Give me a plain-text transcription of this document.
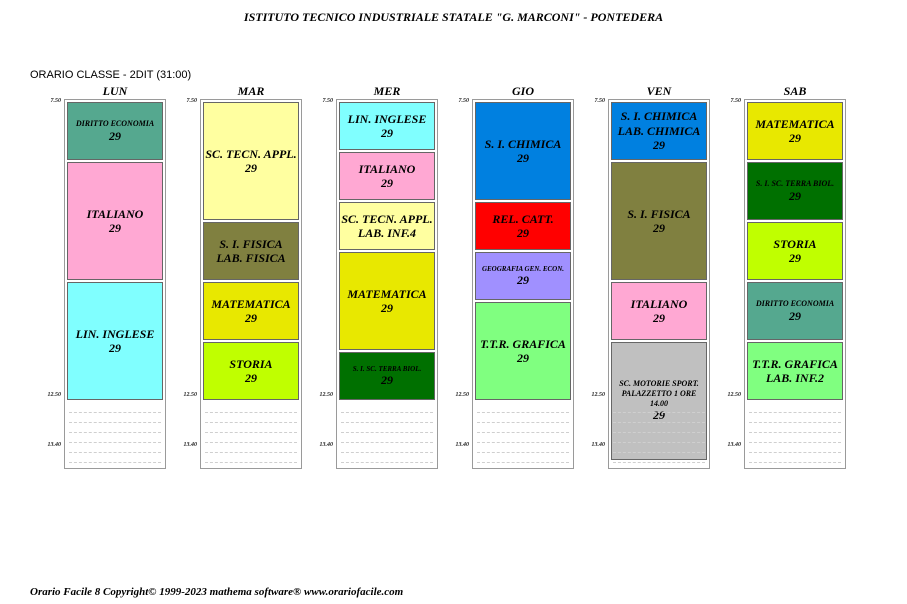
ISTITUTO TECNICO INDUSTRIALE STATALE "G. MARCONI" - PONTEDERA
ORARIO CLASSE - 2DIT (31:00)
LUN
DIRITTO ECONOMIA
29
ITALIANO
29
LIN. INGLESE
29
7.50
12.50
13.40
MAR
SC. TECN. APPL.
29
S. I. FISICA
LAB. FISICA
MATEMATICA
29
STORIA
29
7.50
12.50
13.40
MER
LIN. INGLESE
29
ITALIANO
29
SC. TECN. APPL.
LAB. INF.4
MATEMATICA
29
S. I. SC. TERRA BIOL.
29
7.50
12.50
13.40
GIO
S. I. CHIMICA
29
REL. CATT.
29
GEOGRAFIA GEN. ECON.
29
T.T.R. GRAFICA
29
7.50
12.50
13.40
VEN
S. I. CHIMICA
LAB. CHIMICA
29
S. I. FISICA
29
ITALIANO
29
SC. MOTORIE SPORT.
PALAZZETTO 1 ORE 14.00
29
7.50
12.50
13.40
SAB
MATEMATICA
29
S. I. SC. TERRA BIOL.
29
STORIA
29
DIRITTO ECONOMIA
29
T.T.R. GRAFICA
LAB. INF.2
7.50
12.50
13.40
Orario Facile 8 Copyright© 1999-2023 mathema software® www.orariofacile.com
